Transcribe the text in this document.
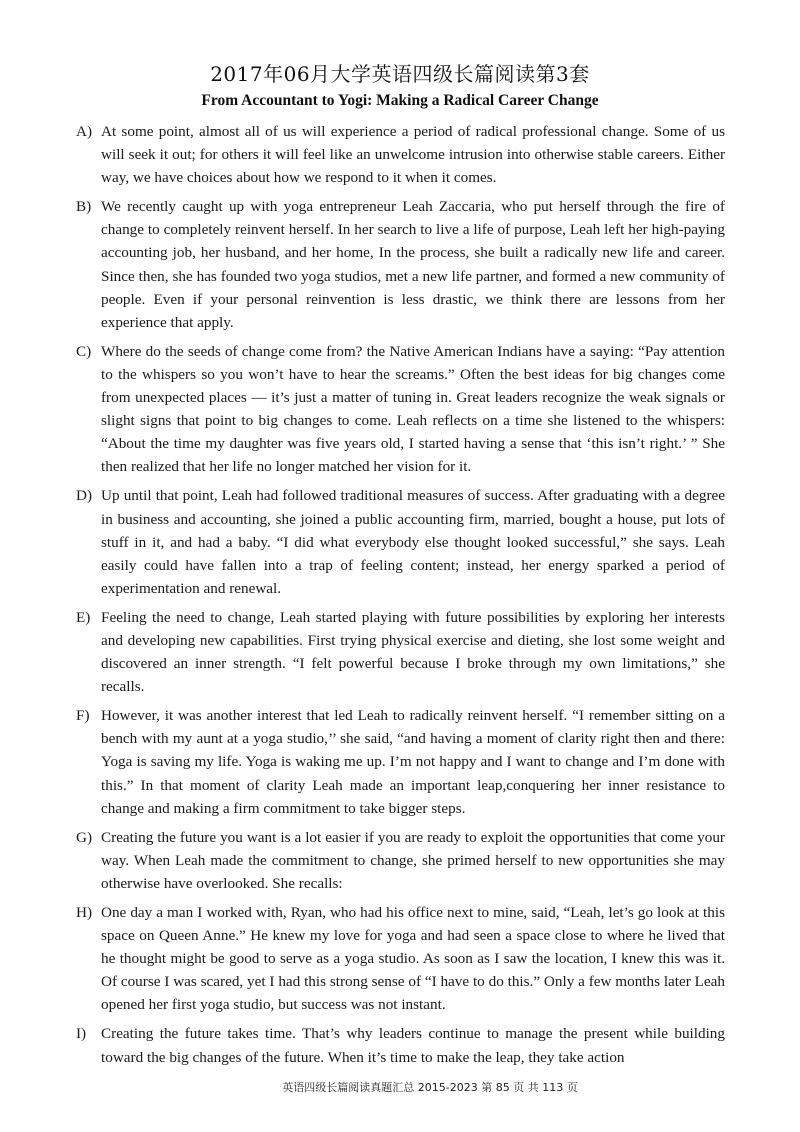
2017年06月大学英语四级长篇阅读第3套
From Accountant to Yogi: Making a Radical Career Change
A) At some point, almost all of us will experience a period of radical professional change. Some of us will seek it out; for others it will feel like an unwelcome intrusion into otherwise stable careers. Either way, we have choices about how we respond to it when it comes.
B) We recently caught up with yoga entrepreneur Leah Zaccaria, who put herself through the fire of change to completely reinvent herself. In her search to live a life of purpose, Leah left her high-paying accounting job, her husband, and her home, In the process, she built a radically new life and career. Since then, she has founded two yoga studios, met a new life partner, and formed a new community of people. Even if your personal reinvention is less drastic, we think there are lessons from her experience that apply.
C) Where do the seeds of change come from? the Native American Indians have a saying: “Pay attention to the whispers so you won’t have to hear the screams.” Often the best ideas for big changes come from unexpected places — it’s just a matter of tuning in. Great leaders recognize the weak signals or slight signs that point to big changes to come. Leah reflects on a time she listened to the whispers: “About the time my daughter was five years old, I started having a sense that ‘this isn’t right.’ ” She then realized that her life no longer matched her vision for it.
D) Up until that point, Leah had followed traditional measures of success. After graduating with a degree in business and accounting, she joined a public accounting firm, married, bought a house, put lots of stuff in it, and had a baby. “I did what everybody else thought looked successful,” she says. Leah easily could have fallen into a trap of feeling content; instead, her energy sparked a period of experimentation and renewal.
E) Feeling the need to change, Leah started playing with future possibilities by exploring her interests and developing new capabilities. First trying physical exercise and dieting, she lost some weight and discovered an inner strength. “I felt powerful because I broke through my own limitations,” she recalls.
F) However, it was another interest that led Leah to radically reinvent herself. “I remember sitting on a bench with my aunt at a yoga studio,’’ she said, “and having a moment of clarity right then and there: Yoga is saving my life. Yoga is waking me up. I’m not happy and I want to change and I’m done with this.” In that moment of clarity Leah made an important leap,conquering her inner resistance to change and making a firm commitment to take bigger steps.
G) Creating the future you want is a lot easier if you are ready to exploit the opportunities that come your way. When Leah made the commitment to change, she primed herself to new opportunities she may otherwise have overlooked. She recalls:
H) One day a man I worked with, Ryan, who had his office next to mine, said, “Leah, let’s go look at this space on Queen Anne.” He knew my love for yoga and had seen a space close to where he lived that he thought might be good to serve as a yoga studio. As soon as I saw the location, I knew this was it. Of course I was scared, yet I had this strong sense of “I have to do this.” Only a few months later Leah opened her first yoga studio, but success was not instant.
I) Creating the future takes time. That’s why leaders continue to manage the present while building toward the big changes of the future. When it’s time to make the leap, they take action
英语四级长篇阅读真题汇总 2015-2023 第 85 页 共 113 页
